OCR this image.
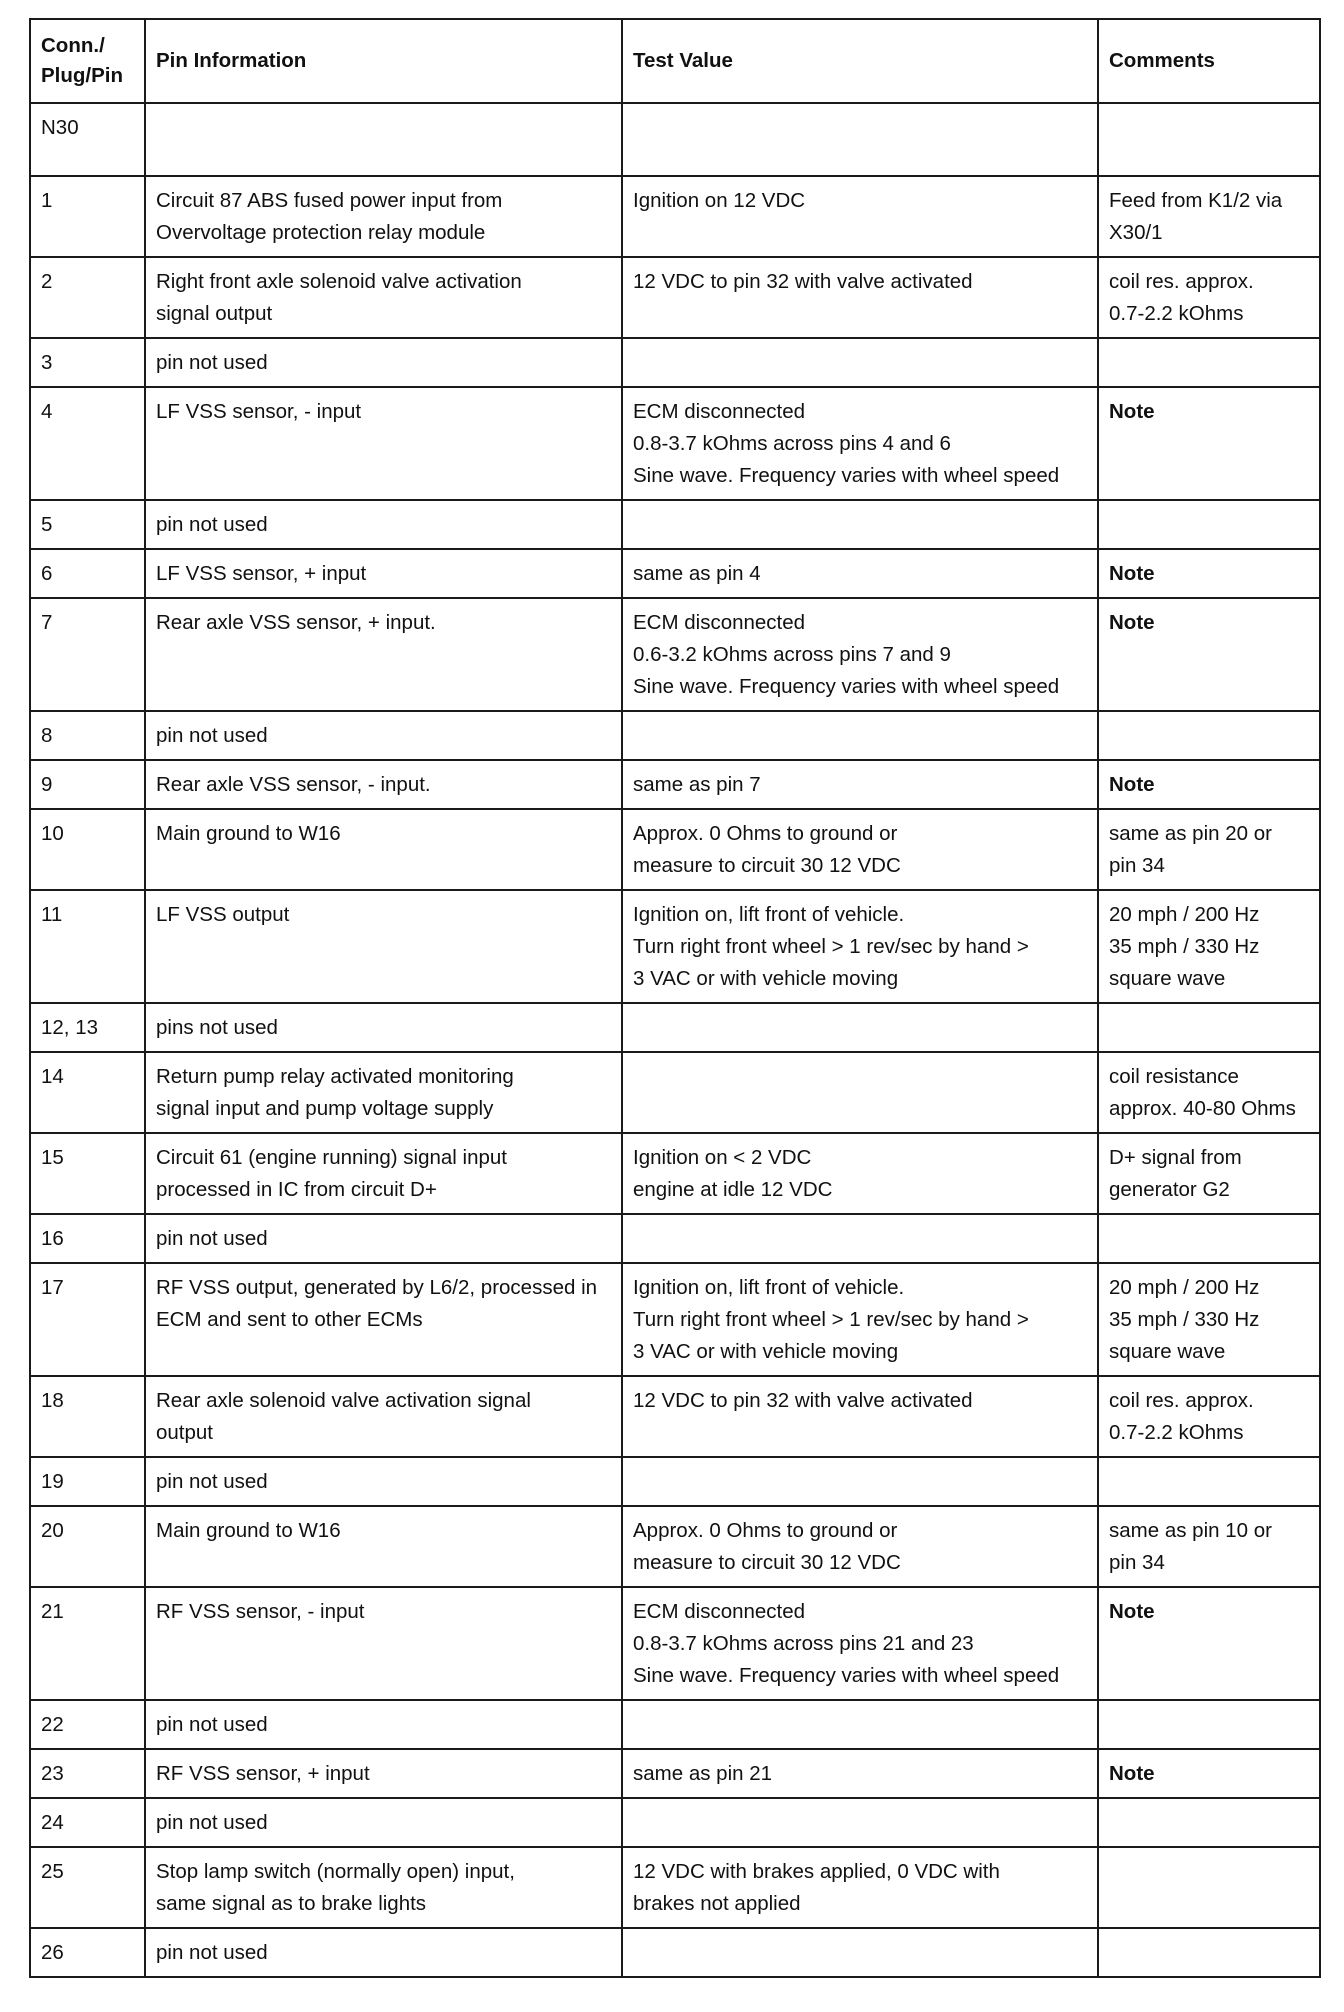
Conn./ Plug/Pin	Pin Information	Test Value	Comments
N30			
1	Circuit 87 ABS fused power input from
Overvoltage protection relay module	Ignition on 12 VDC	Feed from K1/2 via
X30/1

2	Right front axle solenoid valve activation
signal output	12 VDC to pin 32 with valve activated	coil res. approx.
0.7-2.2 kOhms

3	pin not used		

4	LF VSS sensor, - input	ECM disconnected
0.8-3.7 kOhms across pins 4 and 6
Sine wave. Frequency varies with wheel speed	Note

5	pin not used		

6	LF VSS sensor, + input	same as pin 4	Note

7	Rear axle VSS sensor, + input.	ECM disconnected
0.6-3.2 kOhms across pins 7 and 9
Sine wave. Frequency varies with wheel speed	Note

8	pin not used		

9	Rear axle VSS sensor, - input.	same as pin 7	Note

10	Main ground to W16	Approx. 0 Ohms to ground or
measure to circuit 30 12 VDC	same as pin 20 or
pin 34

11	LF VSS output	Ignition on, lift front of vehicle.
Turn right front wheel > 1 rev/sec by hand >
3 VAC or with vehicle moving	20 mph / 200 Hz
35 mph / 330 Hz
square wave

12, 13	pins not used		

14	Return pump relay activated monitoring
signal input and pump voltage supply		coil resistance
approx. 40-80 Ohms

15	Circuit 61 (engine running) signal input
processed in IC from circuit D+	Ignition on < 2 VDC
engine at idle 12 VDC	D+ signal from
generator G2

16	pin not used		

17	RF VSS output, generated by L6/2, processed in
ECM and sent to other ECMs	Ignition on, lift front of vehicle.
Turn right front wheel > 1 rev/sec by hand >
3 VAC or with vehicle moving	20 mph / 200 Hz
35 mph / 330 Hz
square wave

18	Rear axle solenoid valve activation signal
output	12 VDC to pin 32 with valve activated	coil res. approx.
0.7-2.2 kOhms

19	pin not used		

20	Main ground to W16	Approx. 0 Ohms to ground or
measure to circuit 30 12 VDC	same as pin 10 or
pin 34

21	RF VSS sensor, - input	ECM disconnected
0.8-3.7 kOhms across pins 21 and 23
Sine wave. Frequency varies with wheel speed	Note

22	pin not used		

23	RF VSS sensor, + input	same as pin 21	Note

24	pin not used		

25	Stop lamp switch (normally open) input,
same signal as to brake lights	12 VDC with brakes applied, 0 VDC with
brakes not applied	

26	pin not used		
